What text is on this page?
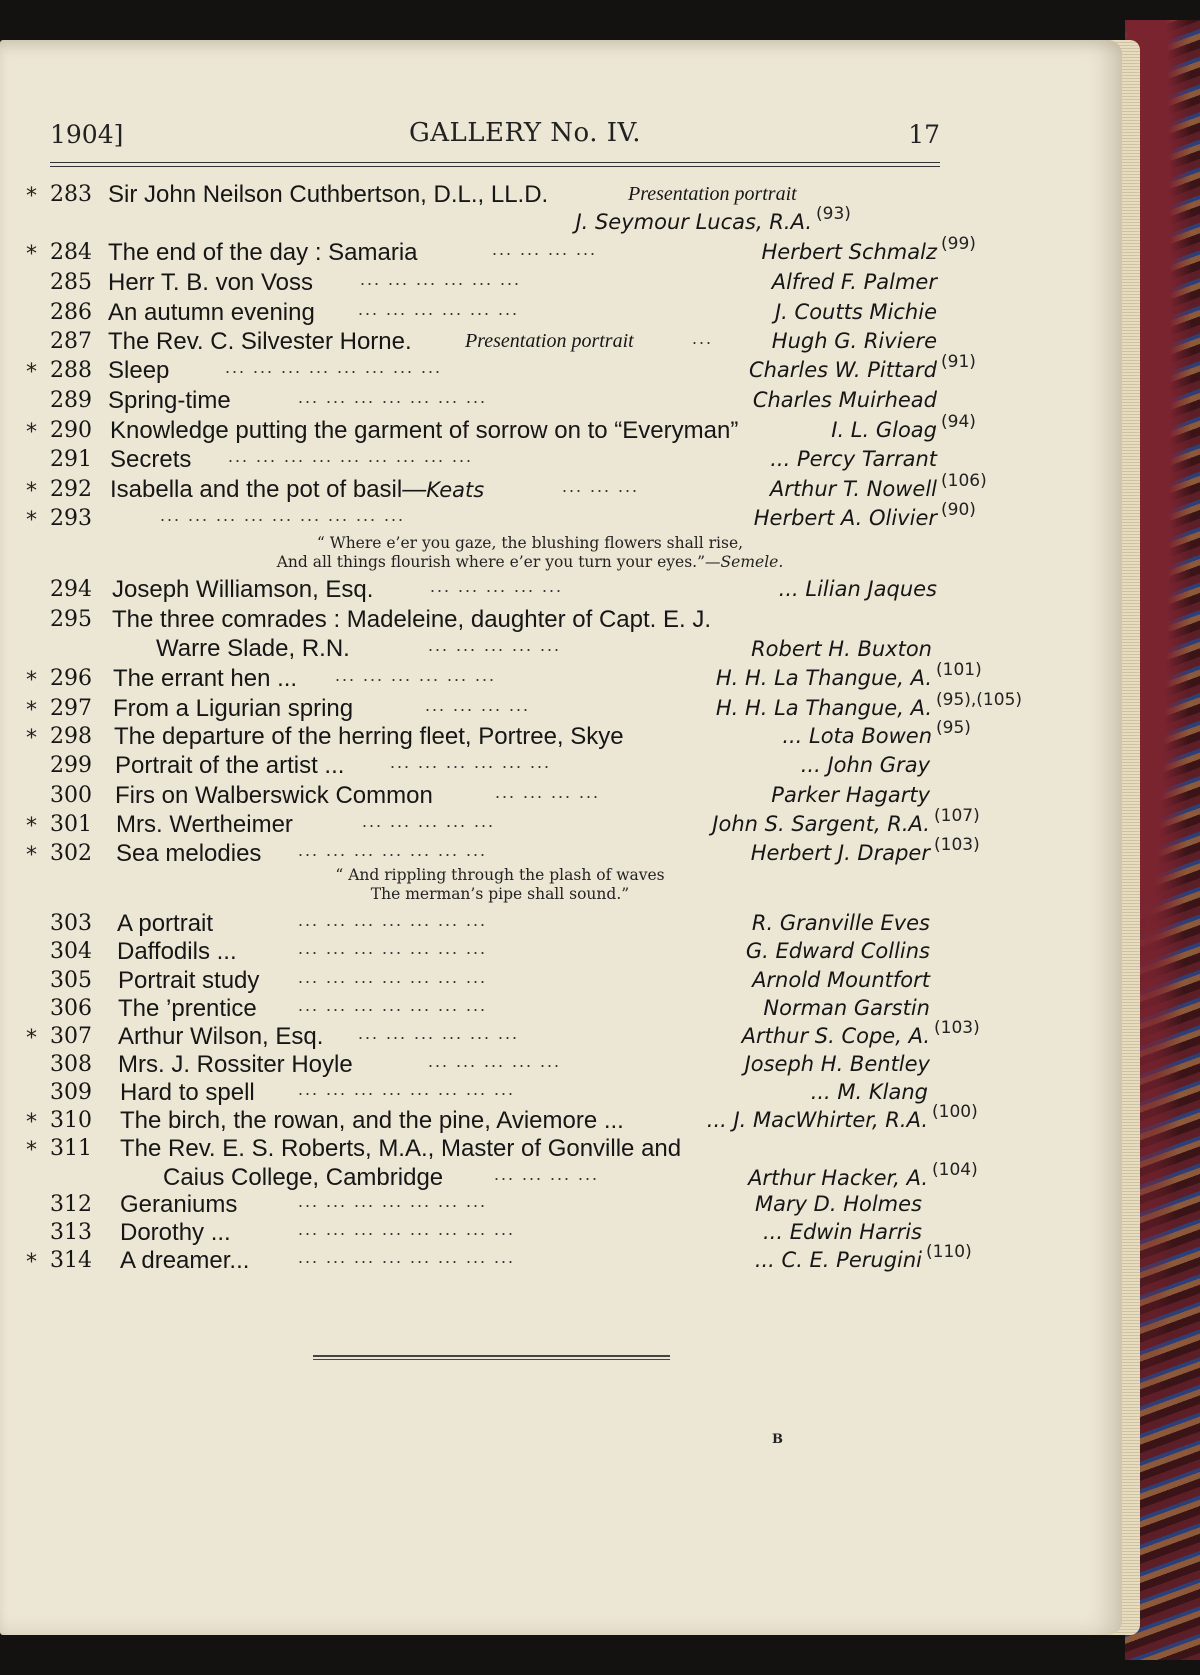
1904]	GALLERY No. IV.	17
* 283 Sir John Neilson Cuthbertson, D.L., LL.D.	Presentation portrait
J. Seymour Lucas, R.A. (93)
* 284 The end of the day : Samaria	... ... ... ...	Herbert Schmalz (99)
285 Herr T. B. von Voss	... ... ... ... ... ...	Alfred F. Palmer
286 An autumn evening ... ... ... ... ... ...	J. Coutts Michie
287 The Rev. C. Silvester Horne.	Presentation portrait	...	Hugh G. Riviere
* 288 Sleep	... ... ... ... ... ... ... ...	Charles W. Pittard (91)
289 Spring-time	... ... ... ... ... ... ...	Charles Muirhead
* 290 Knowledge putting the garment of sorrow on to “Everyman”	I. L. Gloag (94)
291 Secrets ... ... ... ... ... ... ... ... ...	... Percy Tarrant
* 292 Isabella and the pot of basil—Keats	... ... ...	Arthur T. Nowell (106)
* 293	... ... ... ... ... ... ... ... ...	Herbert A. Olivier (90)
294 Joseph Williamson, Esq.	... ... ... ... ...	... Lilian Jaques
295 The three comrades : Madeleine, daughter of Capt. E. J.
Warre Slade, R.N.	... ... ... ... ...	Robert H. Buxton
* 296 The errant hen ... ... ... ... ... ... ...	H. H. La Thangue, A. (101)
* 297 From a Ligurian spring	... ... ... ...	H. H. La Thangue, A. (95),(105)
* 298 The departure of the herring fleet, Portree, Skye	... Lota Bowen (95)
299 Portrait of the artist ...	... ... ... ... ... ...	... John Gray
300 Firs on Walberswick Common	... ... ... ...	Parker Hagarty
* 301 Mrs. Wertheimer	... ... ... ... ...	John S. Sargent, R.A. (107)
* 302 Sea melodies ... ... ... ... ... ... ...	Herbert J. Draper (103)
303 A portrait	... ... ... ... ... ... ...	R. Granville Eves
304 Daffodils ...	... ... ... ... ... ... ...	G. Edward Collins
305 Portrait study ... ... ... ... ... ... ...	Arnold Mountfort
306 The ’prentice ... ... ... ... ... ... ...	Norman Garstin
* 307 Arthur Wilson, Esq. ... ... ... ... ... ...	Arthur S. Cope, A. (103)
308 Mrs. J. Rossiter Hoyle	... ... ... ... ...	Joseph H. Bentley
309 Hard to spell ... ... ... ... ... ... ... ...	... M. Klang
* 310 The birch, the rowan, and the pine, Aviemore ...	... J. MacWhirter, R.A. (100)
* 311 The Rev. E. S. Roberts, M.A., Master of Gonville and
Caius College, Cambridge	... ... ... ...	Arthur Hacker, A. (104)
312 Geraniums	... ... ... ... ... ... ...	Mary D. Holmes
313 Dorothy ...	... ... ... ... ... ... ... ...	... Edwin Harris
* 314 A dreamer...	... ... ... ... ... ... ... ...	... C. E. Perugini (110)
“ Where e’er you gaze, the blushing flowers shall rise,
And all things flourish where e’er you turn your eyes.”—Semele.
“ And rippling through the plash of waves
The merman’s pipe shall sound.”
B
